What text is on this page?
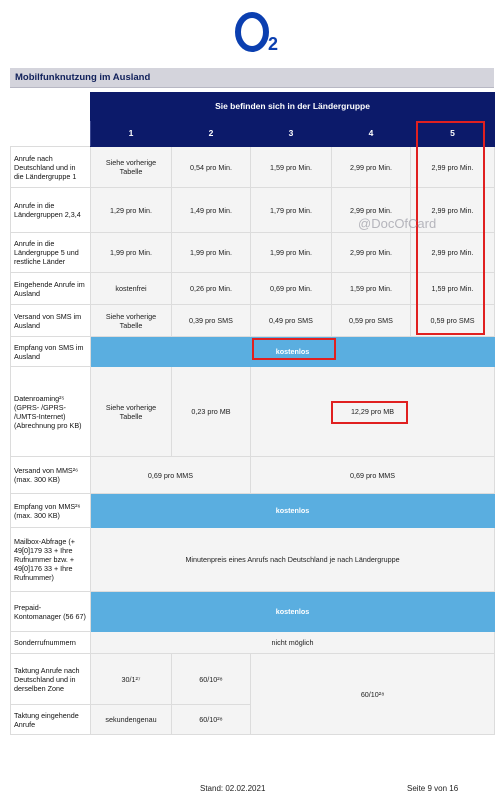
2
Mobilfunknutzung im Ausland
	Sie befinden sich in der Ländergruppe				
	1	2	3	4	5
Anrufe nach Deutschland und in die Ländergruppe 1	Siehe vorherige Tabelle	0,54 pro Min.	1,59 pro Min.	2,99 pro Min.	2,99 pro Min.
Anrufe in die Ländergruppen 2,3,4	1,29 pro Min.	1,49 pro Min.	1,79 pro Min.	2,99 pro Min.	2,99 pro Min.
Anrufe in die Ländergruppe 5 und restliche Länder	1,99 pro Min.	1,99 pro Min.	1,99 pro Min.	2,99 pro Min.	2,99 pro Min.
Eingehende Anrufe im Ausland	kostenfrei	0,26 pro Min.	0,69 pro Min.	1,59 pro Min.	1,59 pro Min.
Versand von SMS im Ausland	Siehe vorherige Tabelle	0,39 pro SMS	0,49 pro SMS	0,59 pro SMS	0,59 pro SMS
Empfang von SMS im Ausland	kostenlos				
Datenroaming²⁵ (GPRS- /GPRS- /UMTS-Internet) (Abrechnung pro KB)	Siehe vorherige Tabelle	0,23 pro MB	12,29 pro MB		
Versand von MMS²⁶ (max. 300 KB)	0,69 pro MMS		0,69 pro MMS		
Empfang von MMS²⁶ (max. 300 KB)	kostenlos				
Mailbox-Abfrage (+ 49[0]179 33 + Ihre Rufnummer bzw. + 49[0]176 33 + Ihre Rufnummer)	Minutenpreis eines Anrufs nach Deutschland je nach Ländergruppe				
Prepaid-Kontomanager (56 67)	kostenlos				
Sonderrufnummern	nicht möglich				
Taktung Anrufe nach Deutschland und in derselben Zone	30/1²⁷	60/10²⁸	60/10²⁸		
Taktung eingehende Anrufe	sekundengenau	60/10²⁸			
@DocOfCard
Stand: 02.02.2021	Seite 9 von 16
